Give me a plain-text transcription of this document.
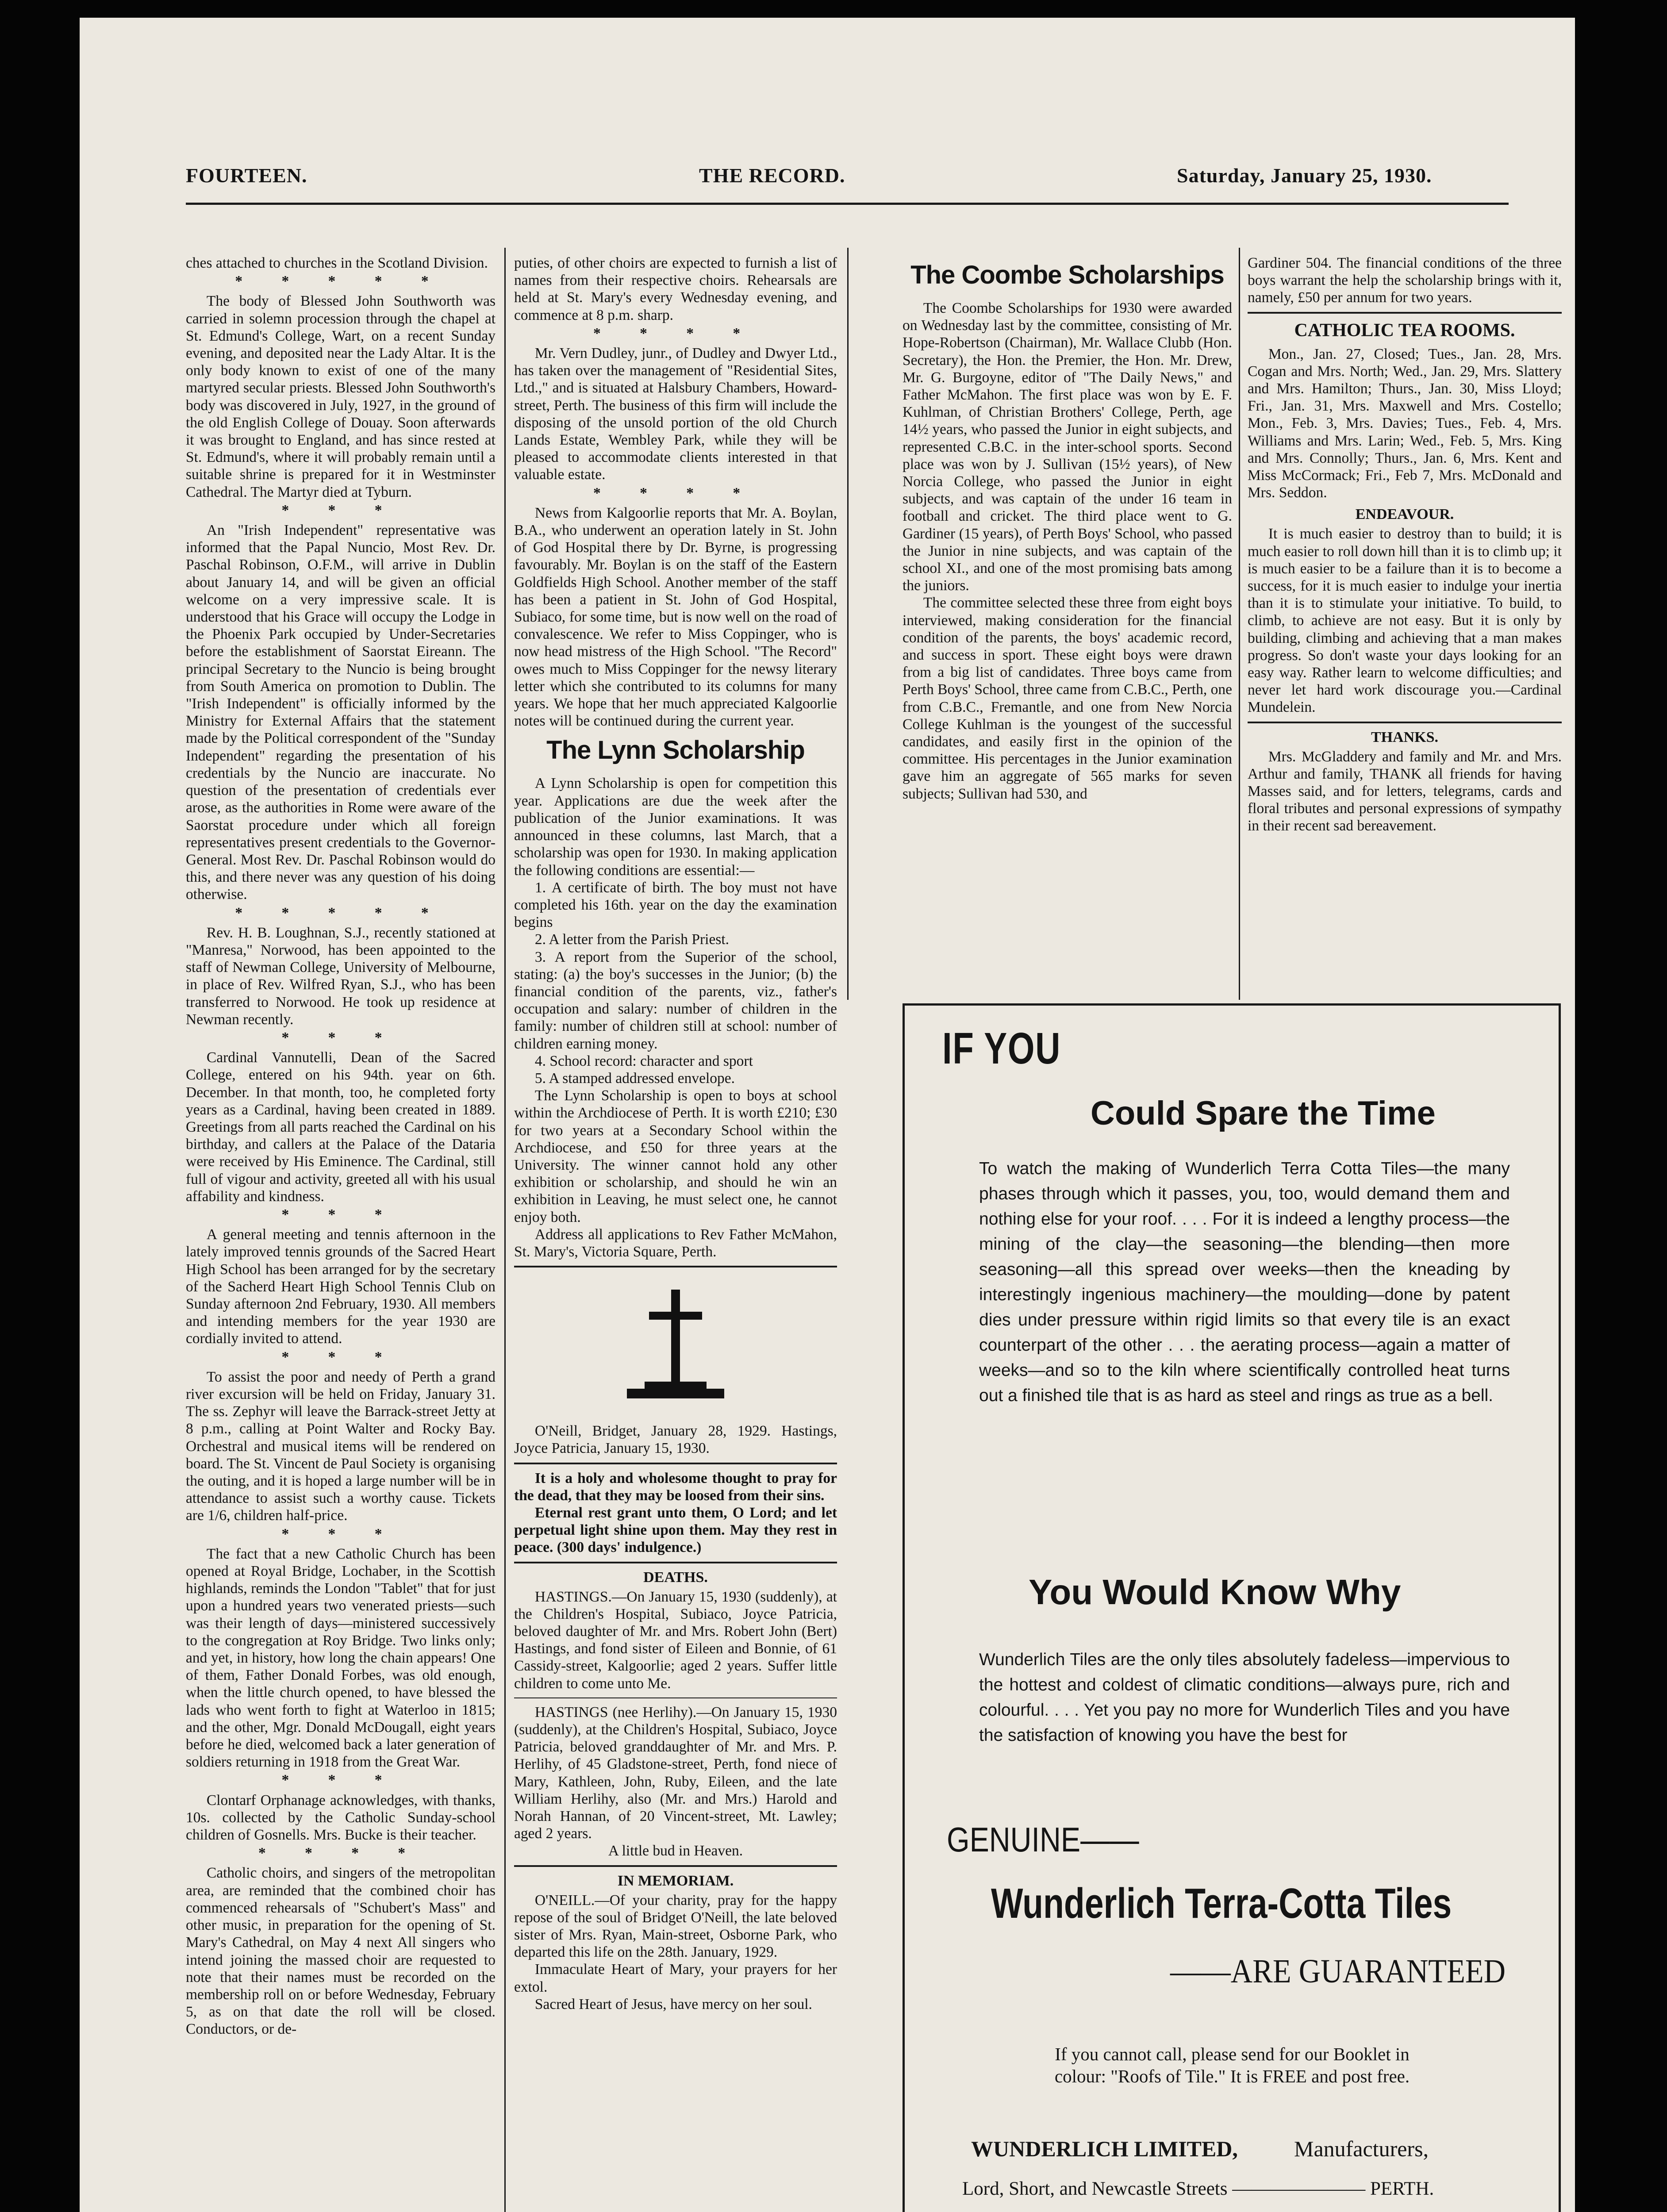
FOURTEEN.	THE RECORD.	Saturday, January 25, 1930.

ches attached to churches in the Scotland Division.

* * * * *

The body of Blessed John Southworth was carried in solemn procession through the chapel at St. Edmund's College, Wart, on a recent Sunday evening, and deposited near the Lady Altar. It is the only body known to exist of one of the many martyred secular priests. Blessed John Southworth's body was discovered in July, 1927, in the ground of the old English College of Douay. Soon afterwards it was brought to England, and has since rested at St. Edmund's, where it will probably remain until a suitable shrine is prepared for it in Westminster Cathedral. The Martyr died at Tyburn.

* * *

An "Irish Independent" representative was informed that the Papal Nuncio, Most Rev. Dr. Paschal Robinson, O.F.M., will arrive in Dublin about January 14, and will be given an official welcome on a very impressive scale. It is understood that his Grace will occupy the Lodge in the Phoenix Park occupied by Under-Secretaries before the establishment of Saorstat Eireann. The principal Secretary to the Nuncio is being brought from South America on promotion to Dublin. The "Irish Independent" is officially informed by the Ministry for External Affairs that the statement made by the Political correspondent of the "Sunday Independent" regarding the presentation of his credentials by the Nuncio are inaccurate. No question of the presentation of credentials ever arose, as the authorities in Rome were aware of the Saorstat procedure under which all foreign representatives present credentials to the Governor-General. Most Rev. Dr. Paschal Robinson would do this, and there never was any question of his doing otherwise.

* * * * *

Rev. H. B. Loughnan, S.J., recently stationed at "Manresa," Norwood, has been appointed to the staff of Newman College, University of Melbourne, in place of Rev. Wilfred Ryan, S.J., who has been transferred to Norwood. He took up residence at Newman recently.

* * *

Cardinal Vannutelli, Dean of the Sacred College, entered on his 94th. year on 6th. December. In that month, too, he completed forty years as a Cardinal, having been created in 1889. Greetings from all parts reached the Cardinal on his birthday, and callers at the Palace of the Dataria were received by His Eminence. The Cardinal, still full of vigour and activity, greeted all with his usual affability and kindness.

* * *

A general meeting and tennis afternoon in the lately improved tennis grounds of the Sacred Heart High School has been arranged for by the secretary of the Sacherd Heart High School Tennis Club on Sunday afternoon 2nd February, 1930. All members and intending members for the year 1930 are cordially invited to attend.

* * *

To assist the poor and needy of Perth a grand river excursion will be held on Friday, January 31. The ss. Zephyr will leave the Barrack-street Jetty at 8 p.m., calling at Point Walter and Rocky Bay. Orchestral and musical items will be rendered on board. The St. Vincent de Paul Society is organising the outing, and it is hoped a large number will be in attendance to assist such a worthy cause. Tickets are 1/6, children half-price.

* * *

The fact that a new Catholic Church has been opened at Royal Bridge, Lochaber, in the Scottish highlands, reminds the London "Tablet" that for just upon a hundred years two venerated priests—such was their length of days—ministered successively to the congregation at Roy Bridge. Two links only; and yet, in history, how long the chain appears! One of them, Father Donald Forbes, was old enough, when the little church opened, to have blessed the lads who went forth to fight at Waterloo in 1815; and the other, Mgr. Donald McDougall, eight years before he died, welcomed back a later generation of soldiers returning in 1918 from the Great War.

* * *

Clontarf Orphanage acknowledges, with thanks, 10s. collected by the Catholic Sunday-school children of Gosnells. Mrs. Bucke is their teacher.

* * * *

Catholic choirs, and singers of the metropolitan area, are reminded that the combined choir has commenced rehearsals of "Schubert's Mass" and other music, in preparation for the opening of St. Mary's Cathedral, on May 4 next All singers who intend joining the massed choir are requested to note that their names must be recorded on the membership roll on or before Wednesday, February 5, as on that date the roll will be closed. Conductors, or de-

puties, of other choirs are expected to furnish a list of names from their respective choirs. Rehearsals are held at St. Mary's every Wednesday evening, and commence at 8 p.m. sharp.

* * * *

Mr. Vern Dudley, junr., of Dudley and Dwyer Ltd., has taken over the management of "Residential Sites, Ltd.," and is situated at Halsbury Chambers, Howard-street, Perth. The business of this firm will include the disposing of the unsold portion of the old Church Lands Estate, Wembley Park, while they will be pleased to accommodate clients interested in that valuable estate.

* * * *

News from Kalgoorlie reports that Mr. A. Boylan, B.A., who underwent an operation lately in St. John of God Hospital there by Dr. Byrne, is progressing favourably. Mr. Boylan is on the staff of the Eastern Goldfields High School. Another member of the staff has been a patient in St. John of God Hospital, Subiaco, for some time, but is now well on the road of convalescence. We refer to Miss Coppinger, who is now head mistress of the High School. "The Record" owes much to Miss Coppinger for the newsy literary letter which she contributed to its columns for many years. We hope that her much appreciated Kalgoorlie notes will be continued during the current year.

The Lynn Scholarship

A Lynn Scholarship is open for competition this year. Applications are due the week after the publication of the Junior examinations. It was announced in these columns, last March, that a scholarship was open for 1930. In making application the following conditions are essential:—

1. A certificate of birth. The boy must not have completed his 16th. year on the day the examination begins

2. A letter from the Parish Priest.

3. A report from the Superior of the school, stating: (a) the boy's successes in the Junior; (b) the financial condition of the parents, viz., father's occupation and salary: number of children in the family: number of children still at school: number of children earning money.

4. School record: character and sport

5. A stamped addressed envelope.

The Lynn Scholarship is open to boys at school within the Archdiocese of Perth. It is worth £210; £30 for two years at a Secondary School within the Archdiocese, and £50 for three years at the University. The winner cannot hold any other exhibition or scholarship, and should he win an exhibition in Leaving, he must select one, he cannot enjoy both.

Address all applications to Rev Father McMahon, St. Mary's, Victoria Square, Perth.

O'Neill, Bridget, January 28, 1929. Hastings, Joyce Patricia, January 15, 1930.

It is a holy and wholesome thought to pray for the dead, that they may be loosed from their sins.

Eternal rest grant unto them, O Lord; and let perpetual light shine upon them. May they rest in peace. (300 days' indulgence.)

DEATHS.

HASTINGS.—On January 15, 1930 (suddenly), at the Children's Hospital, Subiaco, Joyce Patricia, beloved daughter of Mr. and Mrs. Robert John (Bert) Hastings, and fond sister of Eileen and Bonnie, of 61 Cassidy-street, Kalgoorlie; aged 2 years. Suffer little children to come unto Me.

HASTINGS (nee Herlihy).—On January 15, 1930 (suddenly), at the Children's Hospital, Subiaco, Joyce Patricia, beloved granddaughter of Mr. and Mrs. P. Herlihy, of 45 Gladstone-street, Perth, fond niece of Mary, Kathleen, John, Ruby, Eileen, and the late William Herlihy, also (Mr. and Mrs.) Harold and Norah Hannan, of 20 Vincent-street, Mt. Lawley; aged 2 years.

A little bud in Heaven.

IN MEMORIAM.

O'NEILL.—Of your charity, pray for the happy repose of the soul of Bridget O'Neill, the late beloved sister of Mrs. Ryan, Main-street, Osborne Park, who departed this life on the 28th. January, 1929.

Immaculate Heart of Mary, your prayers for her extol.

Sacred Heart of Jesus, have mercy on her soul.

The Coombe Scholarships

The Coombe Scholarships for 1930 were awarded on Wednesday last by the committee, consisting of Mr. Hope-Robertson (Chairman), Mr. Wallace Clubb (Hon. Secretary), the Hon. the Premier, the Hon. Mr. Drew, Mr. G. Burgoyne, editor of "The Daily News," and Father McMahon. The first place was won by E. F. Kuhlman, of Christian Brothers' College, Perth, age 14½ years, who passed the Junior in eight subjects, and represented C.B.C. in the inter-school sports. Second place was won by J. Sullivan (15½ years), of New Norcia College, who passed the Junior in eight subjects, and was captain of the under 16 team in football and cricket. The third place went to G. Gardiner (15 years), of Perth Boys' School, who passed the Junior in nine subjects, and was captain of the school XI., and one of the most promising bats among the juniors.

The committee selected these three from eight boys interviewed, making consideration for the financial condition of the parents, the boys' academic record, and success in sport. These eight boys were drawn from a big list of candidates. Three boys came from Perth Boys' School, three came from C.B.C., Perth, one from C.B.C., Fremantle, and one from New Norcia College Kuhlman is the youngest of the successful candidates, and easily first in the opinion of the committee. His percentages in the Junior examination gave him an aggregate of 565 marks for seven subjects; Sullivan had 530, and

Gardiner 504. The financial conditions of the three boys warrant the help the scholarship brings with it, namely, £50 per annum for two years.

CATHOLIC TEA ROOMS.

Mon., Jan. 27, Closed; Tues., Jan. 28, Mrs. Cogan and Mrs. North; Wed., Jan. 29, Mrs. Slattery and Mrs. Hamilton; Thurs., Jan. 30, Miss Lloyd; Fri., Jan. 31, Mrs. Maxwell and Mrs. Costello; Mon., Feb. 3, Mrs. Davies; Tues., Feb. 4, Mrs. Williams and Mrs. Larin; Wed., Feb. 5, Mrs. King and Mrs. Connolly; Thurs., Jan. 6, Mrs. Kent and Miss McCormack; Fri., Feb 7, Mrs. McDonald and Mrs. Seddon.

ENDEAVOUR.

It is much easier to destroy than to build; it is much easier to roll down hill than it is to climb up; it is much easier to be a failure than it is to become a success, for it is much easier to indulge your inertia than it is to stimulate your initiative. To build, to climb, to achieve are not easy. But it is only by building, climbing and achieving that a man makes progress. So don't waste your days looking for an easy way. Rather learn to welcome difficulties; and never let hard work discourage you.—Cardinal Mundelein.

THANKS.

Mrs. McGladdery and family and Mr. and Mrs. Arthur and family, THANK all friends for having Masses said, and for letters, telegrams, cards and floral tributes and personal expressions of sympathy in their recent sad bereavement.

IF YOU
Could Spare the Time
To watch the making of Wunderlich Terra Cotta Tiles—the many phases through which it passes, you, too, would demand them and nothing else for your roof. . . . For it is indeed a lengthy process—the mining of the clay—the seasoning—the blending—then more seasoning—all this spread over weeks—then the kneading by interestingly ingenious machinery—the moulding—done by patent dies under pressure within rigid limits so that every tile is an exact counterpart of the other . . . the aerating process—again a matter of weeks—and so to the kiln where scientifically controlled heat turns out a finished tile that is as hard as steel and rings as true as a bell.
You Would Know Why
Wunderlich Tiles are the only tiles absolutely fadeless—impervious to the hottest and coldest of climatic conditions—always pure, rich and colourful. . . . Yet you pay no more for Wunderlich Tiles and you have the satisfaction of knowing you have the best for
GENUINE——
Wunderlich Terra-Cotta Tiles
——ARE GUARANTEED
If you cannot call, please send for our Booklet in colour: "Roofs of Tile." It is FREE and post free.
WUNDERLICH LIMITED,	Manufacturers,
Lord, Short, and Newcastle Streets ——————— PERTH.
